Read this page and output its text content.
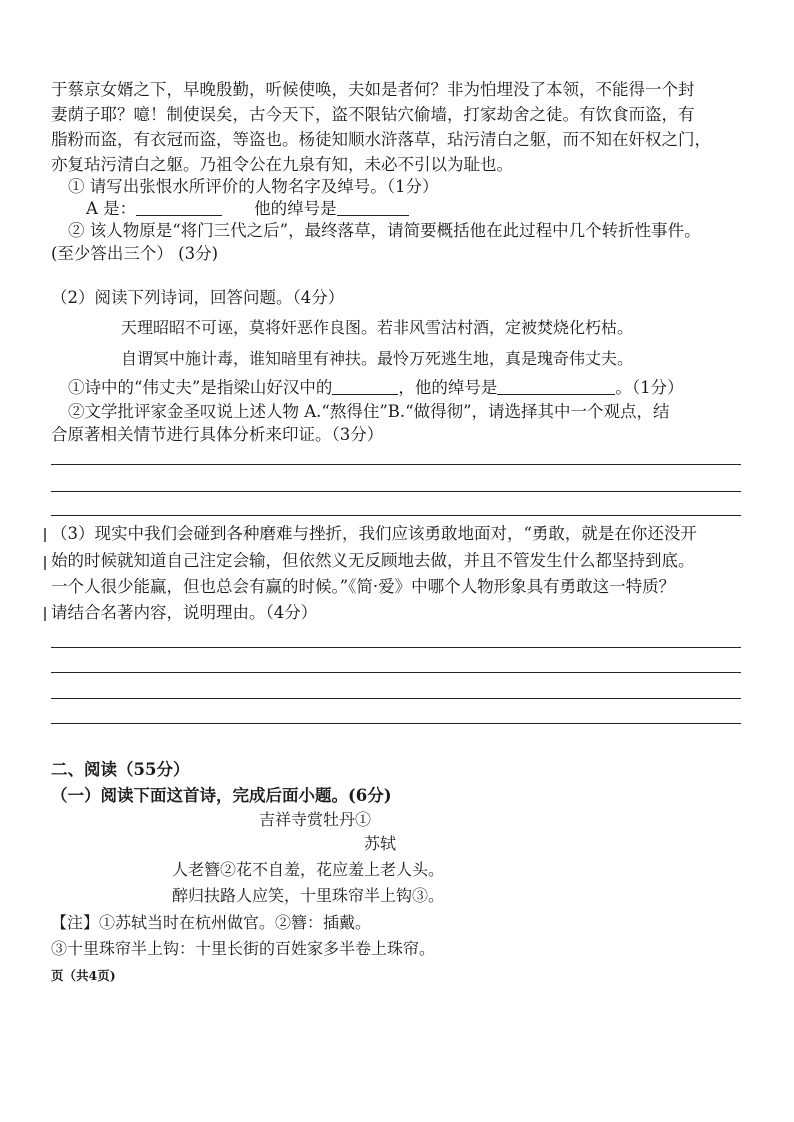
于蔡京女婿之下，早晚殷勤，听候使唤，夫如是者何？非为怕埋没了本领，不能得一个封
妻荫子耶？噫！制使误矣，古今天下，盗不限钻穴偷墙，打家劫舍之徒。有饮食而盗，有
脂粉而盗，有衣冠而盗，等盗也。杨徒知顺水浒落草，玷污清白之躯，而不知在奸权之门，
亦复玷污清白之躯。乃祖令公在九泉有知，未必不引以为耻也。
① 请写出张恨水所评价的人物名字及绰号。（1分）
A 是：	他的绰号是
② 该人物原是“将门三代之后”，最终落草，请简要概括他在此过程中几个转折性事件。
(至少答出三个） (3分)
（2）阅读下列诗词，回答问题。（4分）
天理昭昭不可诬，莫将奸恶作良图。若非风雪沽村酒，定被焚烧化朽枯。
自谓冥中施计毒，谁知暗里有神扶。最怜万死逃生地，真是瑰奇伟丈夫。
①诗中的“伟丈夫”是指梁山好汉中的	，他的绰号是	。（1分）
②文学批评家金圣叹说上述人物 A.“熬得住”B.“做得彻”，请选择其中一个观点，结
合原著相关情节进行具体分析来印证。（3分）
（3）现实中我们会碰到各种磨难与挫折，我们应该勇敢地面对，“勇敢，就是在你还没开
始的时候就知道自己注定会输，但依然义无反顾地去做，并且不管发生什么都坚持到底。
一个人很少能赢，但也总会有赢的时候。”《简·爱》中哪个人物形象具有勇敢这一特质？
请结合名著内容，说明理由。（4分）
二、阅读（55分）
（一）阅读下面这首诗，完成后面小题。(6分)
吉祥寺赏牡丹①
苏轼
人老簪②花不自羞，花应羞上老人头。
醉归扶路人应笑，十里珠帘半上钩③。
【注】①苏轼当时在杭州做官。②簪：插戴。
③十里珠帘半上钩：十里长街的百姓家多半卷上珠帘。
页（共4页)
